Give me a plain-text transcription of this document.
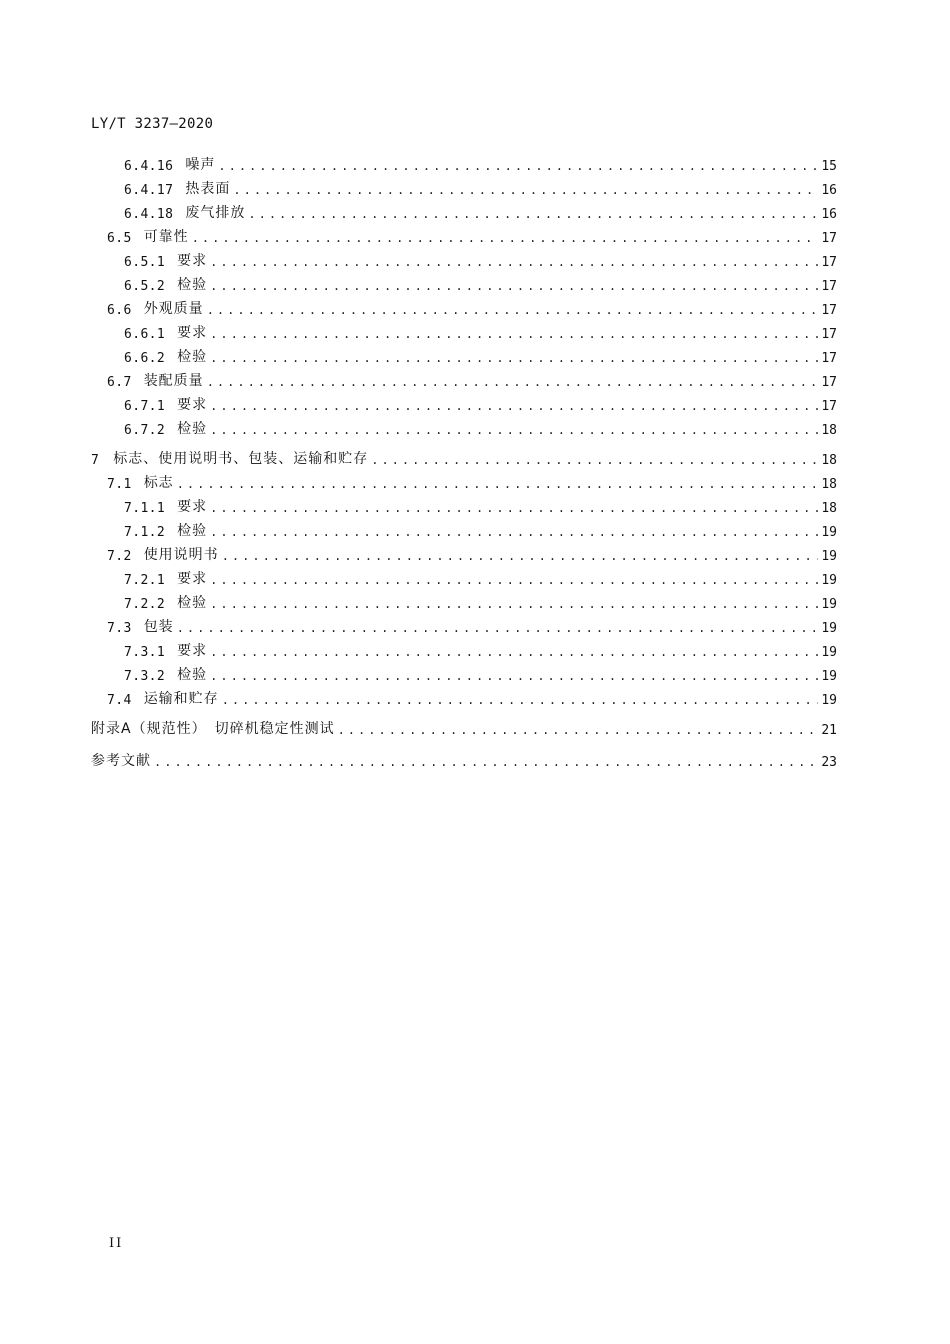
LY/T 3237—2020
6.4.16 噪声 .....	15
6.4.17 热表面 .....	16
6.4.18 废气排放 .....	16
6.5 可靠性 .....	17
6.5.1 要求 .....	17
6.5.2 检验 .....	17
6.6 外观质量 .....	17
6.6.1 要求 .....	17
6.6.2 检验 .....	17
6.7 装配质量 .....	17
6.7.1 要求 .....	17
6.7.2 检验 .....	18
7 标志、使用说明书、包装、运输和贮存 .....	18
7.1 标志 .....	18
7.1.1 要求 .....	18
7.1.2 检验 .....	19
7.2 使用说明书 .....	19
7.2.1 要求 .....	19
7.2.2 检验 .....	19
7.3 包装 .....	19
7.3.1 要求 .....	19
7.3.2 检验 .....	19
7.4 运输和贮存 .....	19
附录A（规范性）　切碎机稳定性测试 .....	21
参考文献 .....	23
II
